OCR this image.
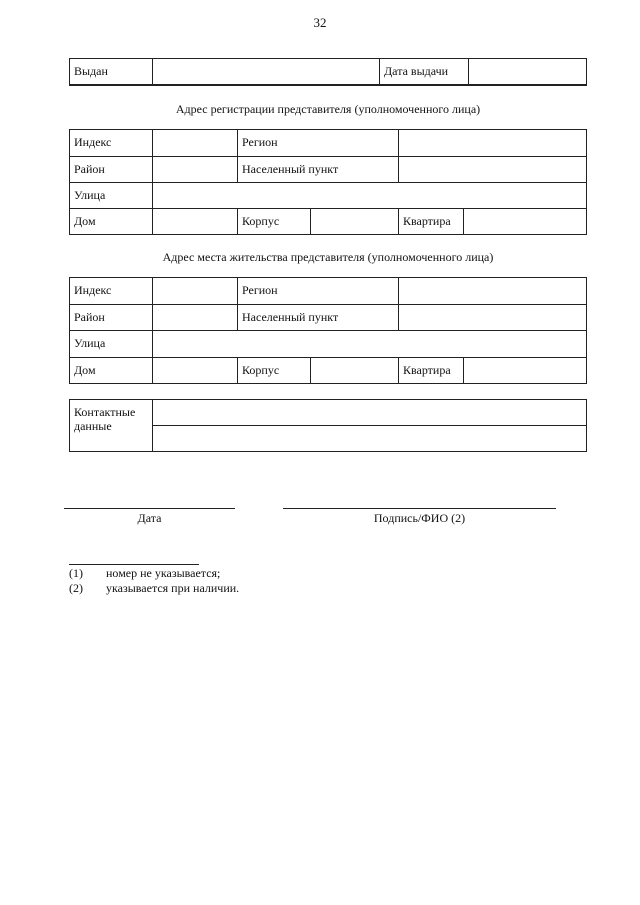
32
Выдан	Дата выдачи
Адрес регистрации представителя (уполномоченного лица)
Индекс	Регион
Район	Населенный пункт
Улица
Дом	Корпус	Квартира
Адрес места жительства представителя (уполномоченного лица)
Индекс	Регион
Район	Населенный пункт
Улица
Дом	Корпус	Квартира
Контактные данные
Дата	Подпись/ФИО (2)
(1) номер не указывается;
(2) указывается при наличии.
